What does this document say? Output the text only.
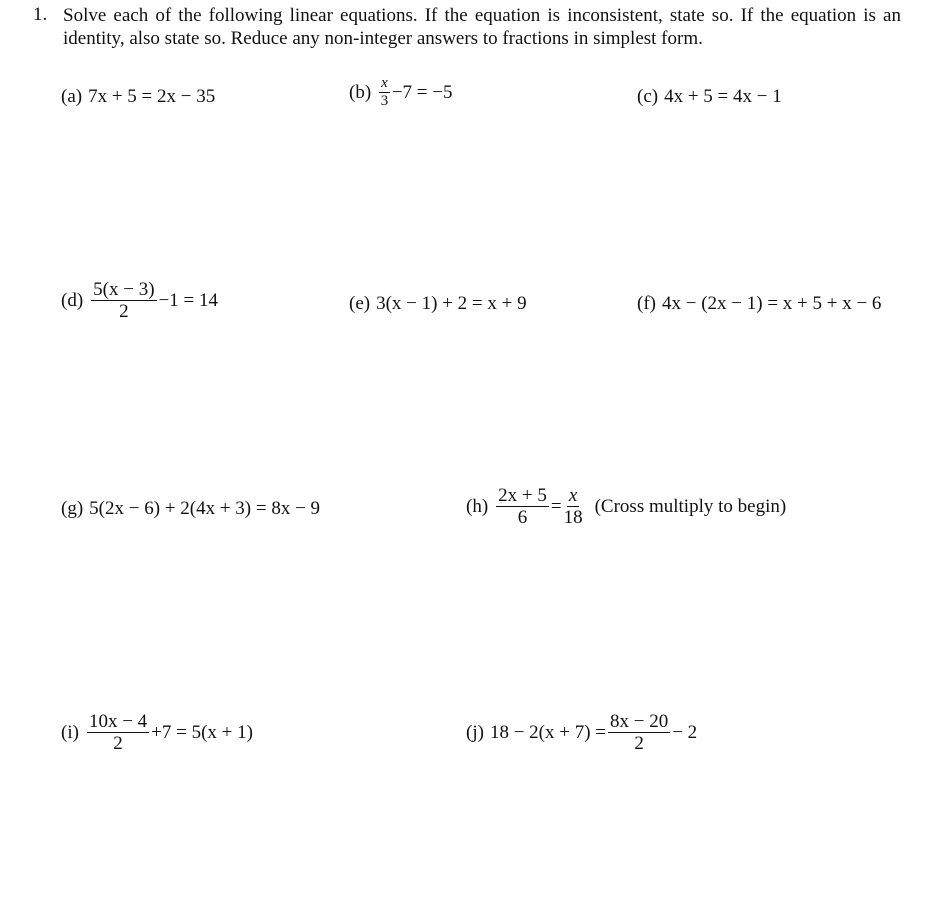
1. Solve each of the following linear equations. If the equation is inconsistent, state so. If the equation is an identity, also state so. Reduce any non-integer answers to fractions in simplest form.
(a) 7x + 5 = 2x − 35	$(b) \frac{x}{3} -7 = -5$	(c) 4x + 5 = 4x − 1
$(d) \frac{5(x - 3)}{2} -1 = 14$	(e) 3(x − 1) + 2 = x + 9	(f) 4x − (2x − 1) = x + 5 + x − 6
(g) 5(2x − 6) + 2(4x + 3) = 8x − 9	$(h) \frac{2x + 5}{6} = \frac{x}{18}$ (Cross multiply to begin)
$(i) \frac{10x - 4}{2} +7 = 5(x + 1)$	(j) $18 - 2(x + 7) = \frac{8x - 20}{2} - 2$
